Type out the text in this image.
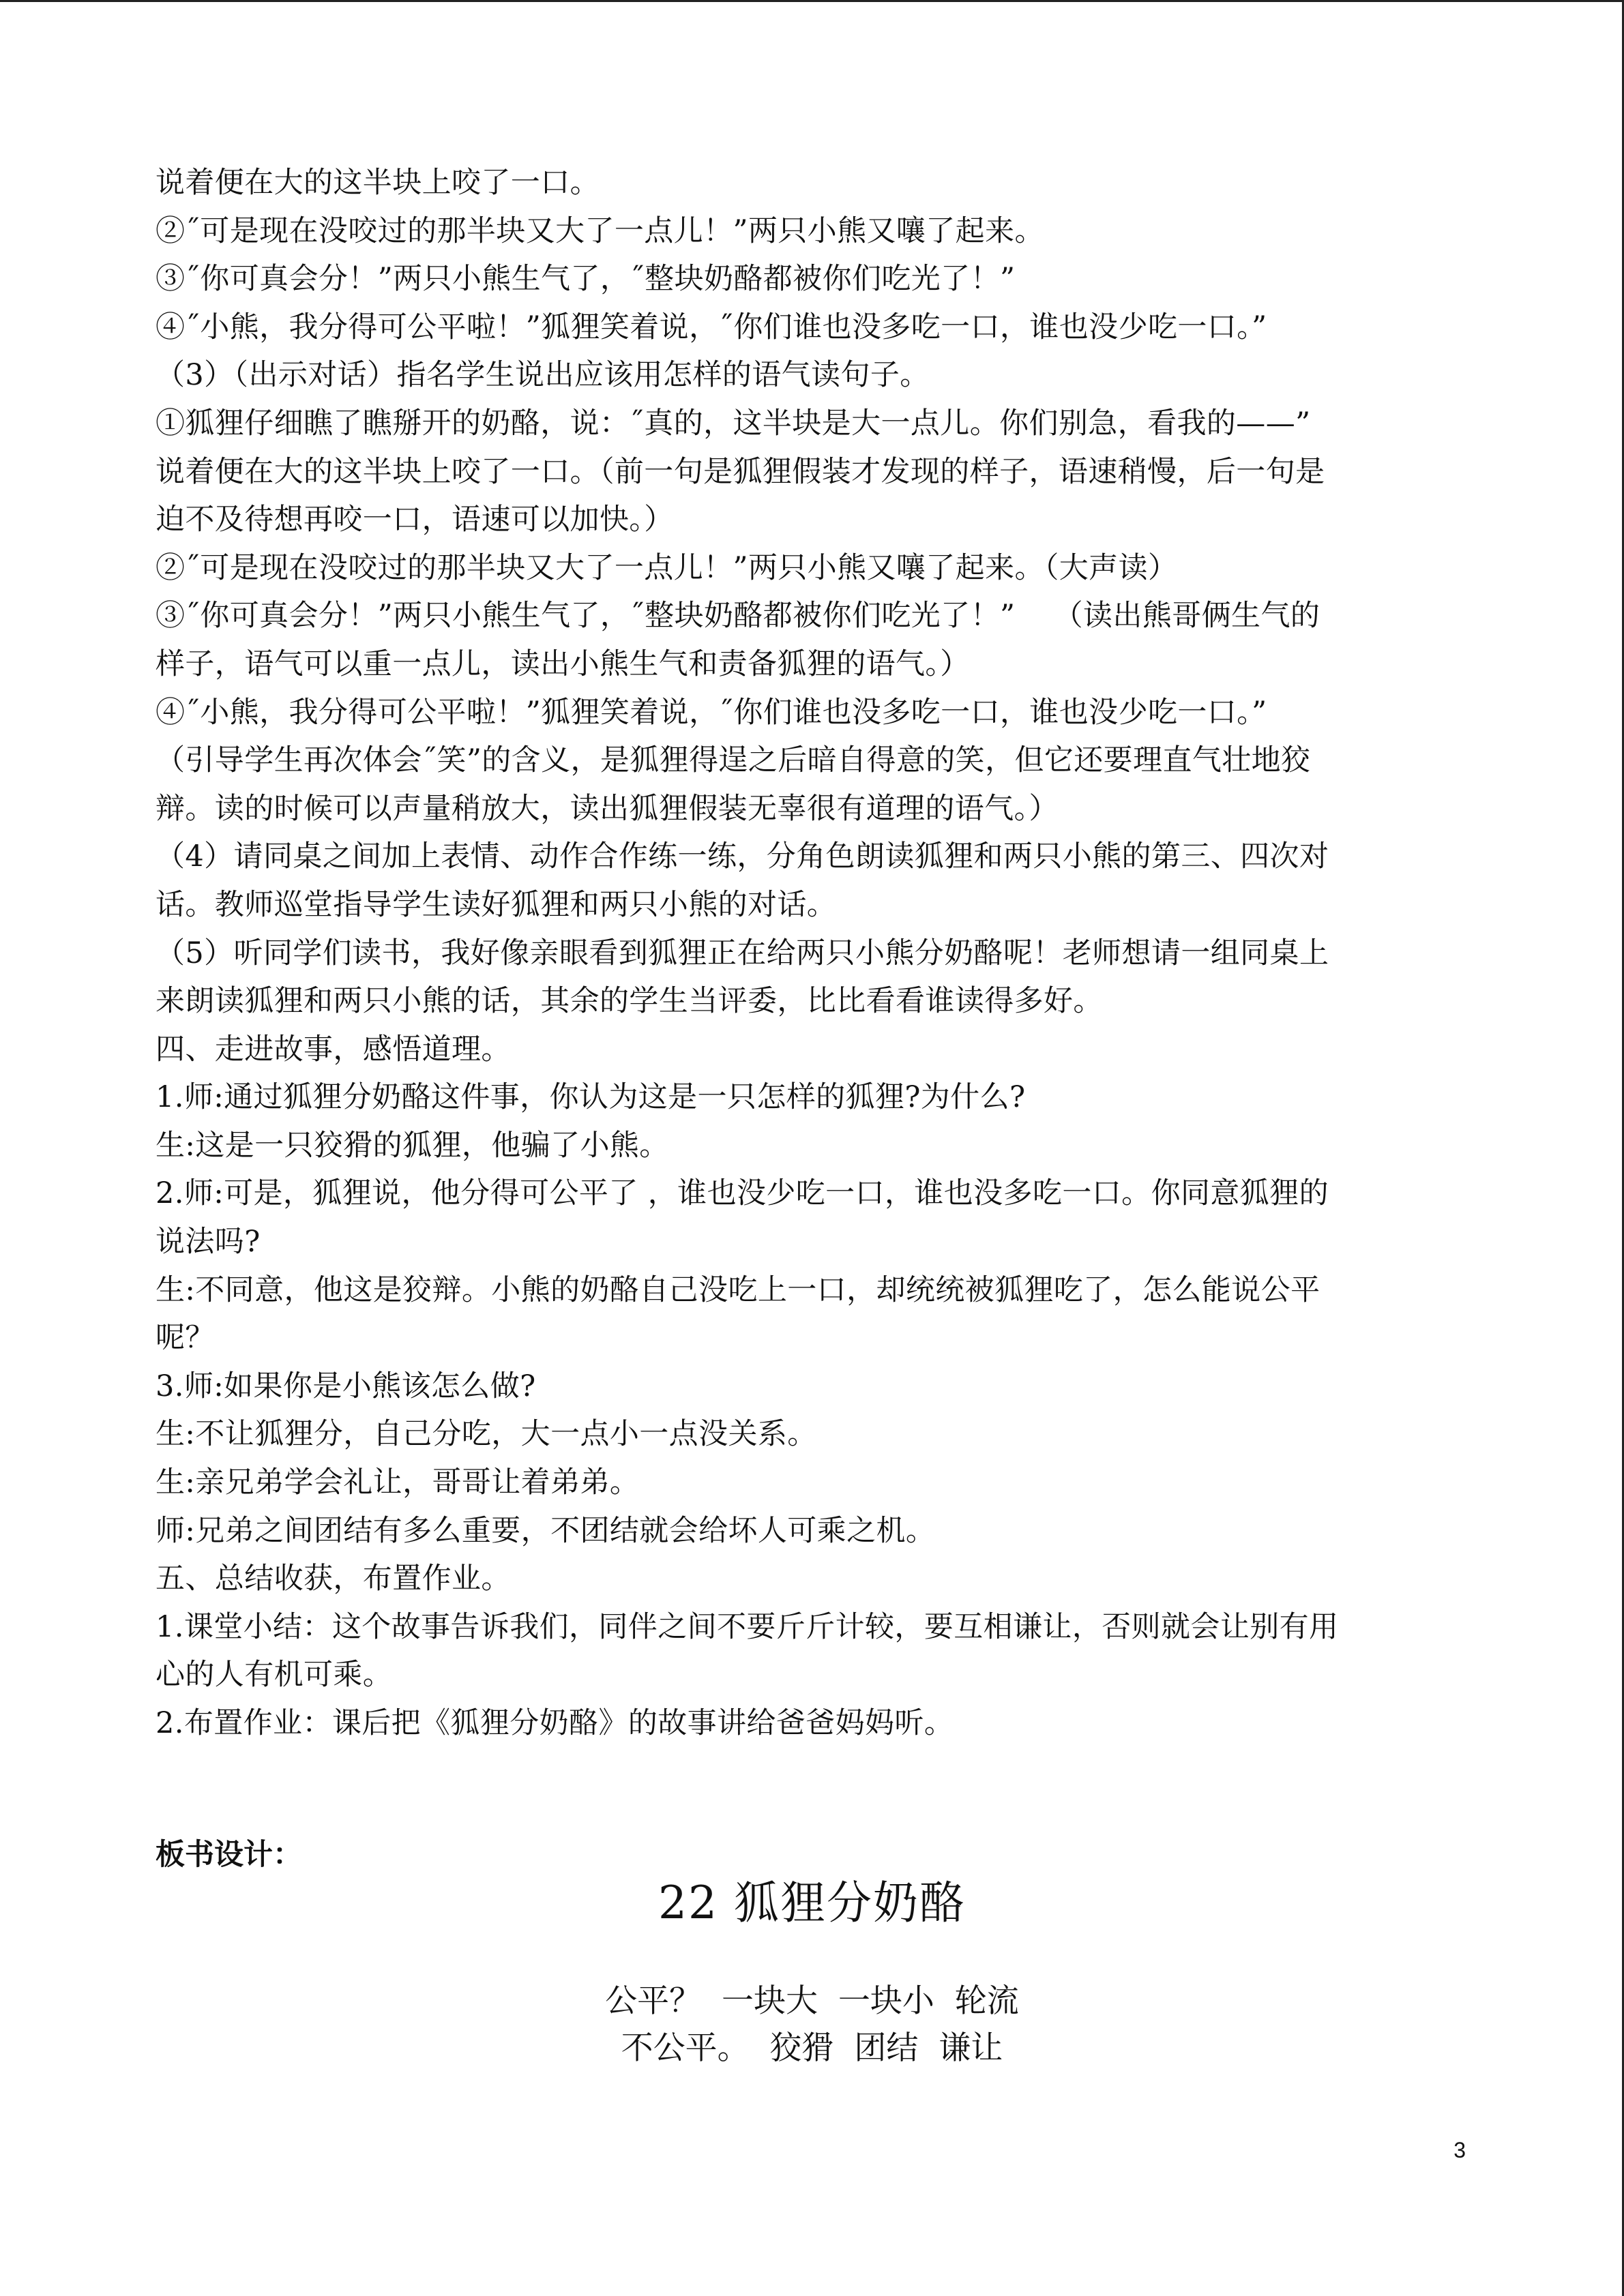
说着便在大的这半块上咬了一口。
②˝可是现在没咬过的那半块又大了一点儿！”两只小熊又嚷了起来。
③˝你可真会分！”两只小熊生气了，˝整块奶酪都被你们吃光了！”
④˝小熊，我分得可公平啦！”狐狸笑着说，˝你们谁也没多吃一口，谁也没少吃一口。”
（3）（出示对话）指名学生说出应该用怎样的语气读句子。
①狐狸仔细瞧了瞧掰开的奶酪，说：˝真的，这半块是大一点儿。你们别急，看我的——”
说着便在大的这半块上咬了一口。（前一句是狐狸假装才发现的样子，语速稍慢，后一句是
迫不及待想再咬一口，语速可以加快。）
②˝可是现在没咬过的那半块又大了一点儿！”两只小熊又嚷了起来。（大声读）
③˝你可真会分！”两只小熊生气了，˝整块奶酪都被你们吃光了！”    （读出熊哥俩生气的
样子，语气可以重一点儿，读出小熊生气和责备狐狸的语气。）
④˝小熊，我分得可公平啦！”狐狸笑着说，˝你们谁也没多吃一口，谁也没少吃一口。”
（引导学生再次体会˝笑”的含义，是狐狸得逞之后暗自得意的笑，但它还要理直气壮地狡
辩。读的时候可以声量稍放大，读出狐狸假装无辜很有道理的语气。）
（4）请同桌之间加上表情、动作合作练一练，分角色朗读狐狸和两只小熊的第三、四次对
话。教师巡堂指导学生读好狐狸和两只小熊的对话。
（5）听同学们读书，我好像亲眼看到狐狸正在给两只小熊分奶酪呢！老师想请一组同桌上
来朗读狐狸和两只小熊的话，其余的学生当评委，比比看看谁读得多好。
四、走进故事，感悟道理。
1.师:通过狐狸分奶酪这件事，你认为这是一只怎样的狐狸?为什么?
生:这是一只狡猾的狐狸，他骗了小熊。
2.师:可是，狐狸说，他分得可公平了 ，谁也没少吃一口，谁也没多吃一口。你同意狐狸的
说法吗?
生:不同意，他这是狡辩。小熊的奶酪自己没吃上一口，却统统被狐狸吃了，怎么能说公平
呢？
3.师:如果你是小熊该怎么做?
生:不让狐狸分，自己分吃，大一点小一点没关系。
生:亲兄弟学会礼让，哥哥让着弟弟。
师:兄弟之间团结有多么重要，不团结就会给坏人可乘之机。
五、总结收获，布置作业。
1.课堂小结：这个故事告诉我们，同伴之间不要斤斤计较，要互相谦让，否则就会让别有用
心的人有机可乘。
2.布置作业：课后把《狐狸分奶酪》的故事讲给爸爸妈妈听。
板书设计：
22 狐狸分奶酪
公平？  一块大  一块小  轮流
不公平。  狡猾  团结  谦让
3
